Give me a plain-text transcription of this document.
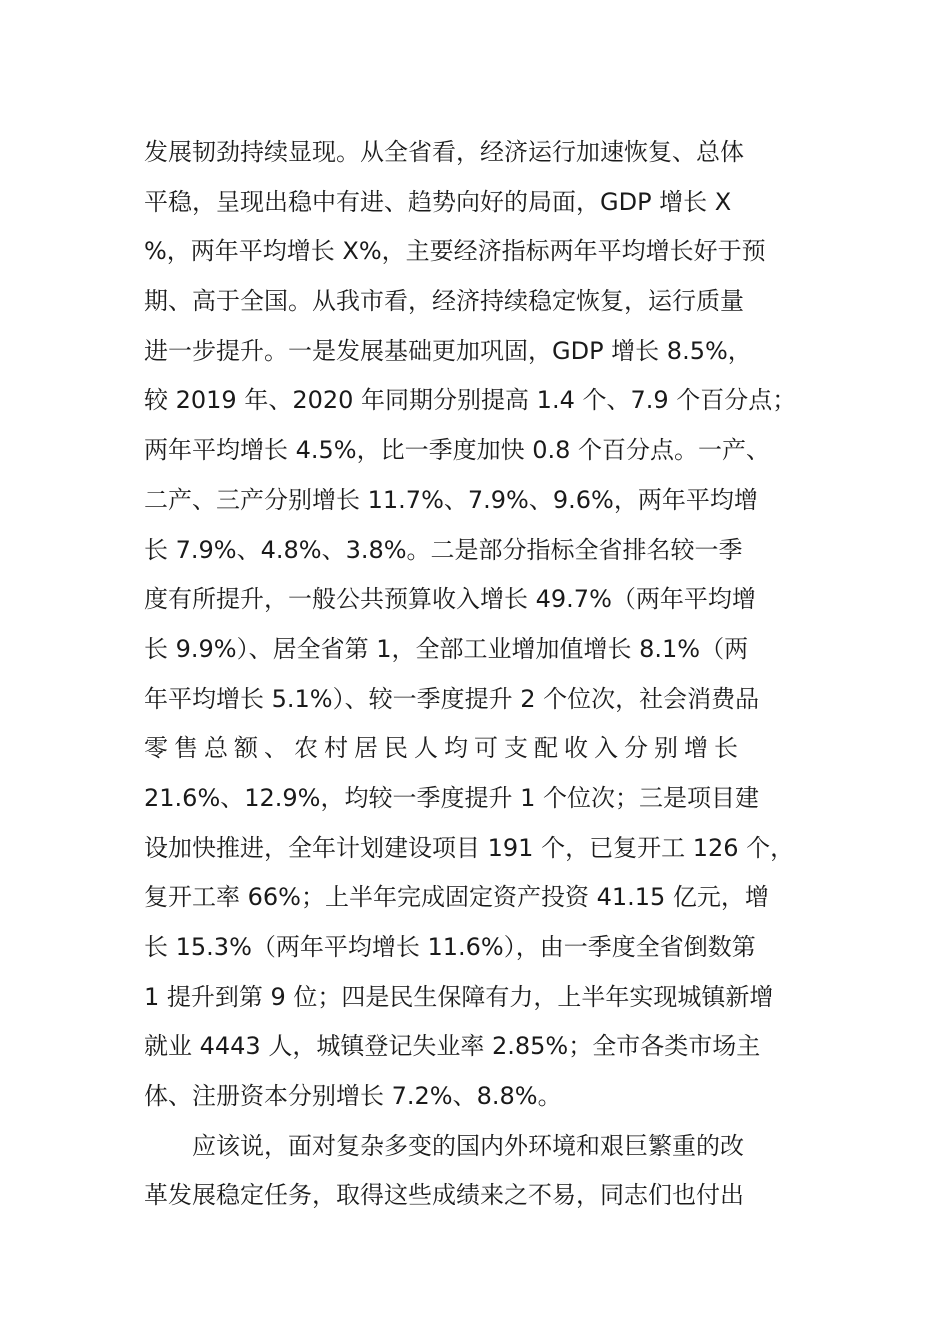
发展韧劲持续显现。从全省看，经济运行加速恢复、总体
平稳，呈现出稳中有进、趋势向好的局面，GDP 增长 X
%，两年平均增长 X%，主要经济指标两年平均增长好于预
期、高于全国。从我市看，经济持续稳定恢复，运行质量
进一步提升。一是发展基础更加巩固，GDP 增长 8.5%，
较 2019 年、2020 年同期分别提高 1.4 个、7.9 个百分点；
两年平均增长 4.5%，比一季度加快 0.8 个百分点。一产、
二产、三产分别增长 11.7%、7.9%、9.6%，两年平均增
长 7.9%、4.8%、3.8%。二是部分指标全省排名较一季
度有所提升，一般公共预算收入增长 49.7%（两年平均增
长 9.9%）、居全省第 1，全部工业增加值增长 8.1%（两
年平均增长 5.1%）、较一季度提升 2 个位次，社会消费品
零售总额、农村居民人均可支配收入分别增长
21.6%、12.9%，均较一季度提升 1 个位次；三是项目建
设加快推进，全年计划建设项目 191 个，已复开工 126 个，
复开工率 66%；上半年完成固定资产投资 41.15 亿元，增
长 15.3%（两年平均增长 11.6%），由一季度全省倒数第
1 提升到第 9 位；四是民生保障有力，上半年实现城镇新增
就业 4443 人，城镇登记失业率 2.85%；全市各类市场主
体、注册资本分别增长 7.2%、8.8%。
　　应该说，面对复杂多变的国内外环境和艰巨繁重的改
革发展稳定任务，取得这些成绩来之不易，同志们也付出
